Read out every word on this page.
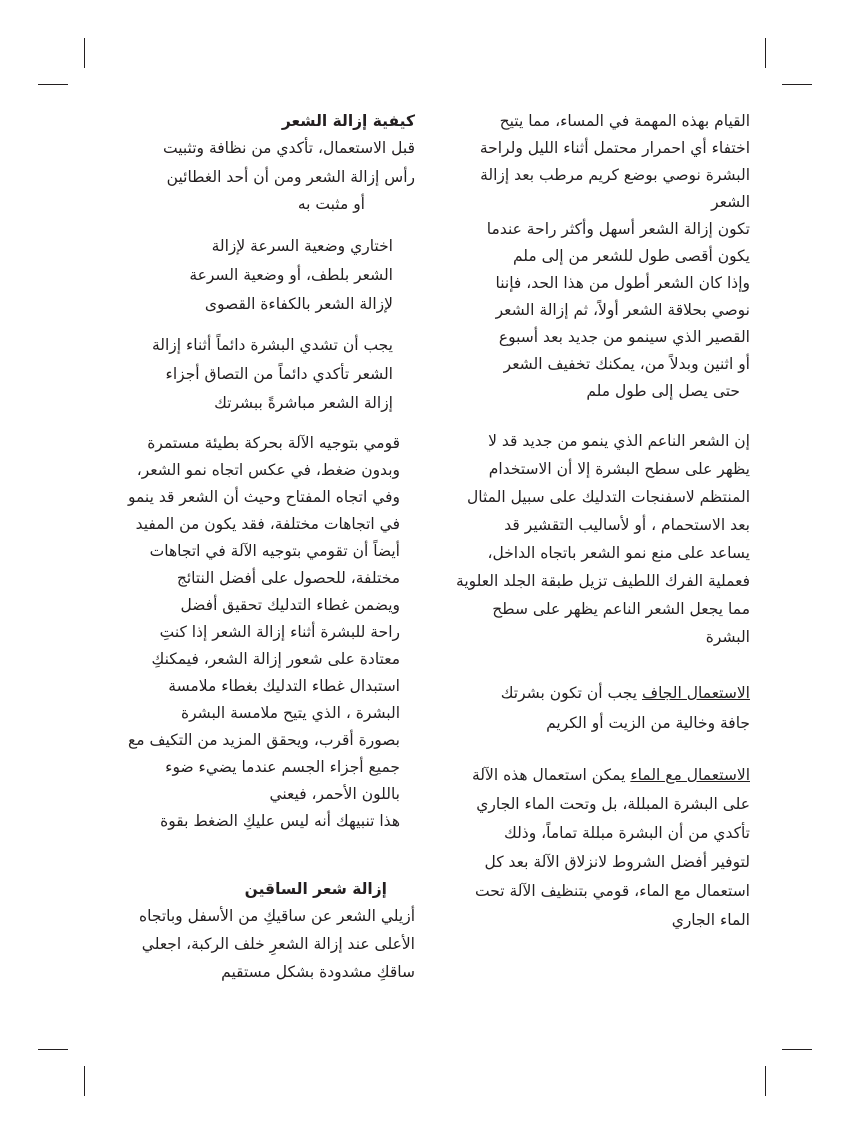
كيفية إزالة الشعر
قبل الاستعمال، تأكدي من نظافة وتثبيت
رأس إزالة الشعر ومن أن أحد الغطائين
أو مثبت به
اختاري وضعية السرعة لإزالة
الشعر بلطف، أو وضعية السرعة
لإزالة الشعر بالكفاءة القصوى
يجب أن تشدي البشرة دائماً أثناء إزالة
الشعر تأكدي دائماً من التصاق أجزاء
إزالة الشعر مباشرةً ببشرتك
قومي بتوجيه الآلة بحركة بطيئة مستمرة
وبدون ضغط، في عكس اتجاه نمو الشعر،
وفي اتجاه المفتاح وحيث أن الشعر قد ينمو
في اتجاهات مختلفة، فقد يكون من المفيد
أيضاً أن تقومي بتوجيه الآلة في اتجاهات
مختلفة، للحصول على أفضل النتائج
ويضمن غطاء التدليك تحقيق أفضل
راحة للبشرة أثناء إزالة الشعر إذا كنتِ
معتادة على شعور إزالة الشعر، فيمكنكِ
استبدال غطاء التدليك بغطاء ملامسة
البشرة ، الذي يتيح ملامسة البشرة
بصورة أقرب، ويحقق المزيد من التكيف مع
جميع أجزاء الجسم عندما يضيء ضوء
باللون الأحمر، فيعني
هذا تنبيهك أنه ليس عليكِ الضغط بقوة
إزالة شعر الساقين
أزيلي الشعر عن ساقيكِ من الأسفل وباتجاه
الأعلى عند إزالة الشعرِ خلف الركبة، اجعلي
ساقكِ مشدودة بشكل مستقيم
القيام بهذه المهمة في المساء، مما يتيح
اختفاء أي احمرار محتمل أثناء الليل ولراحة
البشرة نوصي بوضع كريم مرطب بعد إزالة
الشعر
تكون إزالة الشعر أسهل وأكثر راحة عندما
يكون أقصى طول للشعر من إلى ملم
وإذا كان الشعر أطول من هذا الحد، فإننا
نوصي بحلاقة الشعر أولاً، ثم إزالة الشعر
القصير الذي سينمو من جديد بعد أسبوع
أو اثنين وبدلاً من، يمكنك تخفيف الشعر
حتى يصل إلى طول ملم
إن الشعر الناعم الذي ينمو من جديد قد لا
يظهر على سطح البشرة إلا أن الاستخدام
المنتظم لاسفنجات التدليك على سبيل المثال
بعد الاستحمام ، أو لأساليب التقشير قد
يساعد على منع نمو الشعر باتجاه الداخل،
فعملية الفرك اللطيف تزيل طبقة الجلد العلوية
مما يجعل الشعر الناعم يظهر على سطح
البشرة
الاستعمال الجاف يجب أن تكون بشرتك
جافة وخالية من الزيت أو الكريم
الاستعمال مع الماء يمكن استعمال هذه الآلة
على البشرة المبللة، بل وتحت الماء الجاري
تأكدي من أن البشرة مبللة تماماً، وذلك
لتوفير أفضل الشروط لانزلاق الآلة بعد كل
استعمال مع الماء، قومي بتنظيف الآلة تحت
الماء الجاري
